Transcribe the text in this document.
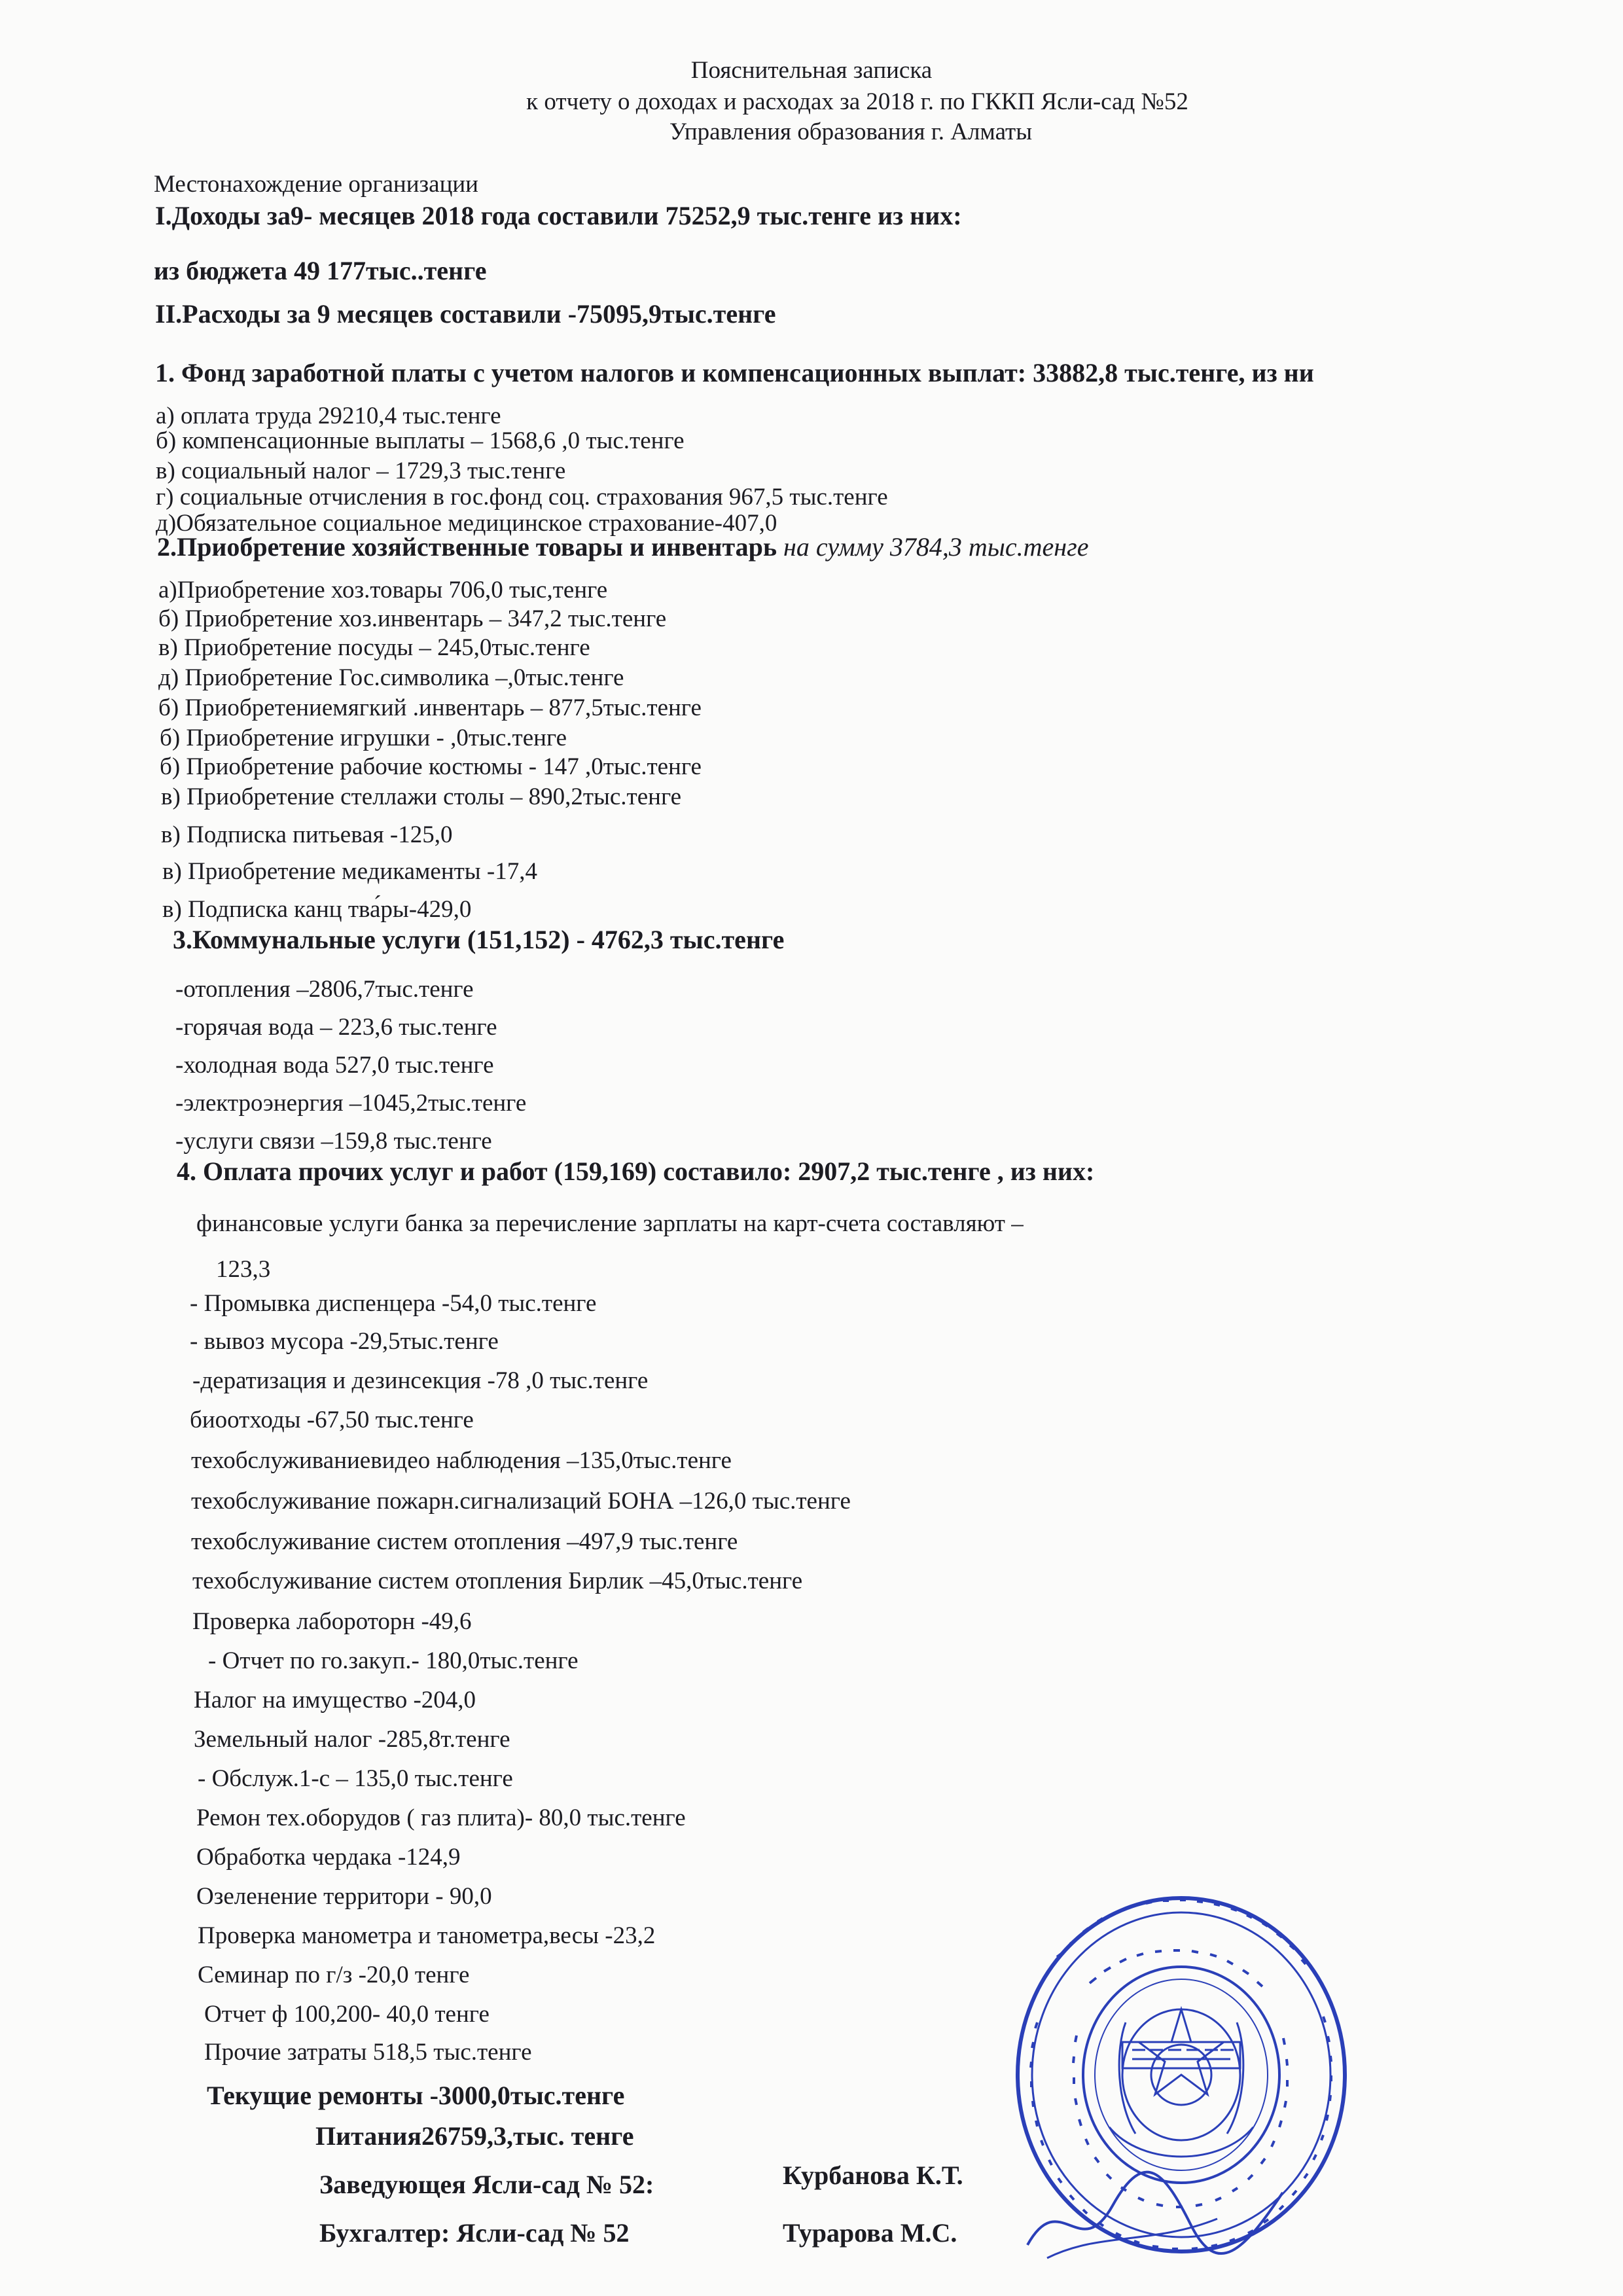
Пояснительная записка
к отчету о доходах и расходах за 2018 г. по ГККП Ясли-сад №52
Управления образования г. Алматы
Местонахождение организации
I.Доходы за9- месяцев 2018 года составили 75252,9 тыс.тенге из них:
из бюджета 49 177тыс..тенге
II.Расходы за 9 месяцев составили -75095,9тыс.тенге
1. Фонд заработной платы с учетом налогов и компенсационных выплат: 33882,8 тыс.тенге, из ни
а) оплата труда 29210,4 тыс.тенге
б) компенсационные выплаты – 1568,6 ,0 тыс.тенге
в) социальный налог – 1729,3 тыс.тенге
г) социальные отчисления в гос.фонд соц. страхования 967,5 тыс.тенге
д)Обязательное социальное медицинское страхование-407,0
2.Приобретение хозяйственные товары и инвентарь на сумму 3784,3 тыс.тенге
а)Приобретение хоз.товары 706,0 тыс,тенге
б) Приобретение хоз.инвентарь – 347,2 тыс.тенге
в) Приобретение посуды – 245,0тыс.тенге
д) Приобретение Гос.символика –,0тыс.тенге
б) Приобретениемягкий .инвентарь – 877,5тыс.тенге
б) Приобретение игрушки - ,0тыс.тенге
б) Приобретение рабочие костюмы - 147 ,0тыс.тенге
в) Приобретение стеллажи столы – 890,2тыс.тенге
в) Подписка питьевая -125,0
в) Приобретение медикаменты -17,4
в) Подписка канц тва́ры-429,0
3.Коммунальные услуги (151,152) - 4762,3 тыс.тенге
-отопления –2806,7тыс.тенге
-горячая вода – 223,6 тыс.тенге
-холодная вода 527,0 тыс.тенге
-электроэнергия –1045,2тыс.тенге
-услуги связи –159,8 тыс.тенге
4. Оплата прочих услуг и работ (159,169) составило: 2907,2 тыс.тенге , из них:
финансовые услуги банка за перечисление зарплаты на карт-счета составляют –
123,3
- Промывка диспенцера -54,0 тыс.тенге
- вывоз мусора -29,5тыс.тенге
-дератизация и дезинсекция -78 ,0 тыс.тенге
биоотходы -67,50 тыс.тенге
техобслуживаниевидео наблюдения –135,0тыс.тенге
техобслуживание пожарн.сигнализаций БОНА –126,0 тыс.тенге
техобслуживание систем отопления –497,9 тыс.тенге
техобслуживание систем отопления Бирлик –45,0тыс.тенге
Проверка лабороторн -49,6
- Отчет по го.закуп.- 180,0тыс.тенге
Налог на имущество -204,0
Земельный налог -285,8т.тенге
- Обслуж.1-с – 135,0 тыс.тенге
Ремон тех.оборудов ( газ плита)- 80,0 тыс.тенге
Обработка чердака -124,9
Озеленение территори - 90,0
Проверка манометра и танометра,весы -23,2
Семинар по г/з -20,0 тенге
Отчет ф 100,200- 40,0 тенге
Прочие затраты 518,5 тыс.тенге
Текущие ремонты -3000,0тыс.тенге
Питания26759,3,тыс. тенге
Заведующея Ясли-сад № 52:	Курбанова К.Т.
Бухгалтер: Ясли-сад № 52	Турарова М.С.
